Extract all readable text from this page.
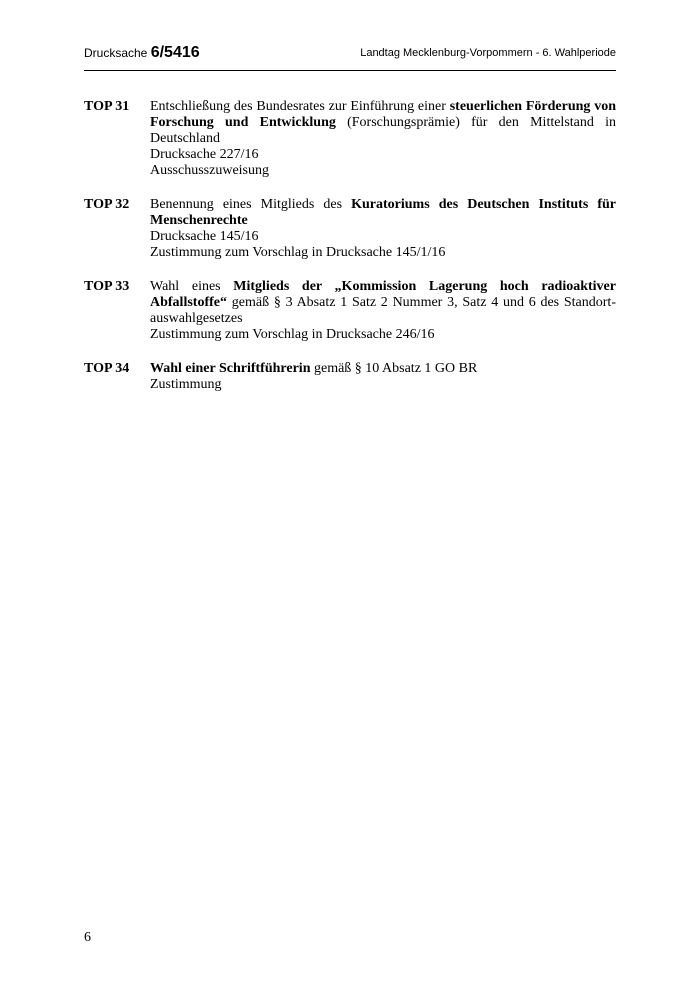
Drucksache 6/5416	Landtag Mecklenburg-Vorpommern - 6. Wahlperiode
TOP 31	Entschließung des Bundesrates zur Einführung einer steuerlichen Förderung von Forschung und Entwicklung (Forschungsprämie) für den Mittelstand in Deutschland
Drucksache 227/16
Ausschusszuweisung
TOP 32	Benennung eines Mitglieds des Kuratoriums des Deutschen Instituts für Menschenrechte
Drucksache 145/16
Zustimmung zum Vorschlag in Drucksache 145/1/16
TOP 33	Wahl eines Mitglieds der „Kommission Lagerung hoch radioaktiver Abfallstoffe“ gemäß § 3 Absatz 1 Satz 2 Nummer 3, Satz 4 und 6 des Standort-auswahlgesetzes
Zustimmung zum Vorschlag in Drucksache 246/16
TOP 34	Wahl einer Schriftführerin gemäß § 10 Absatz 1 GO BR
Zustimmung
6
